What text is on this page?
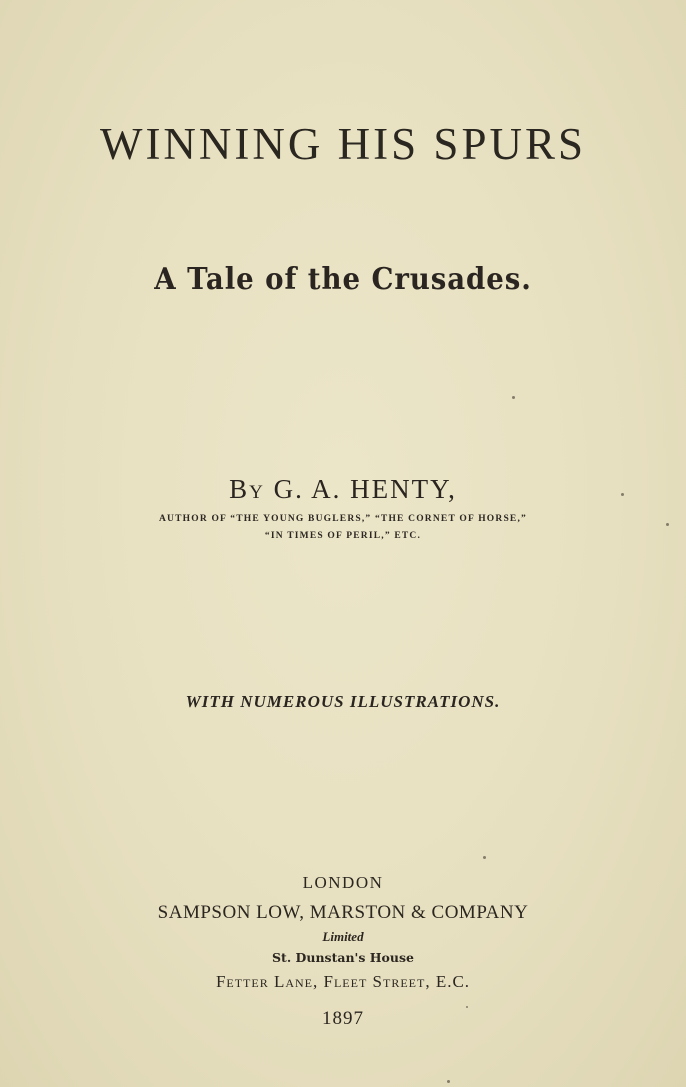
WINNING HIS SPURS
A Tale of the Crusades.
By G. A. HENTY,
AUTHOR OF “THE YOUNG BUGLERS,” “THE CORNET OF HORSE,”
“IN TIMES OF PERIL,” ETC.
WITH NUMEROUS ILLUSTRATIONS.
LONDON
SAMPSON LOW, MARSTON & COMPANY
Limited
St. Dunstan's House
Fetter Lane, Fleet Street, E.C.
1897
